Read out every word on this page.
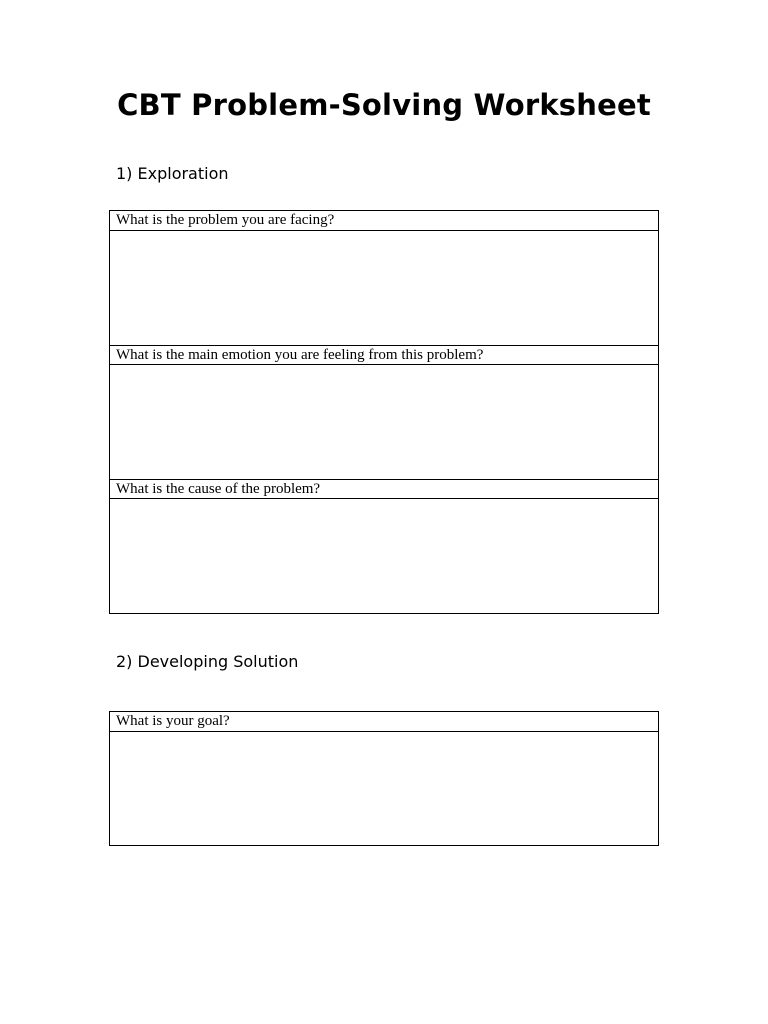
CBT Problem-Solving Worksheet
1) Exploration
What is the problem you are facing?
What is the main emotion you are feeling from this problem?
What is the cause of the problem?
2) Developing Solution
What is your goal?
